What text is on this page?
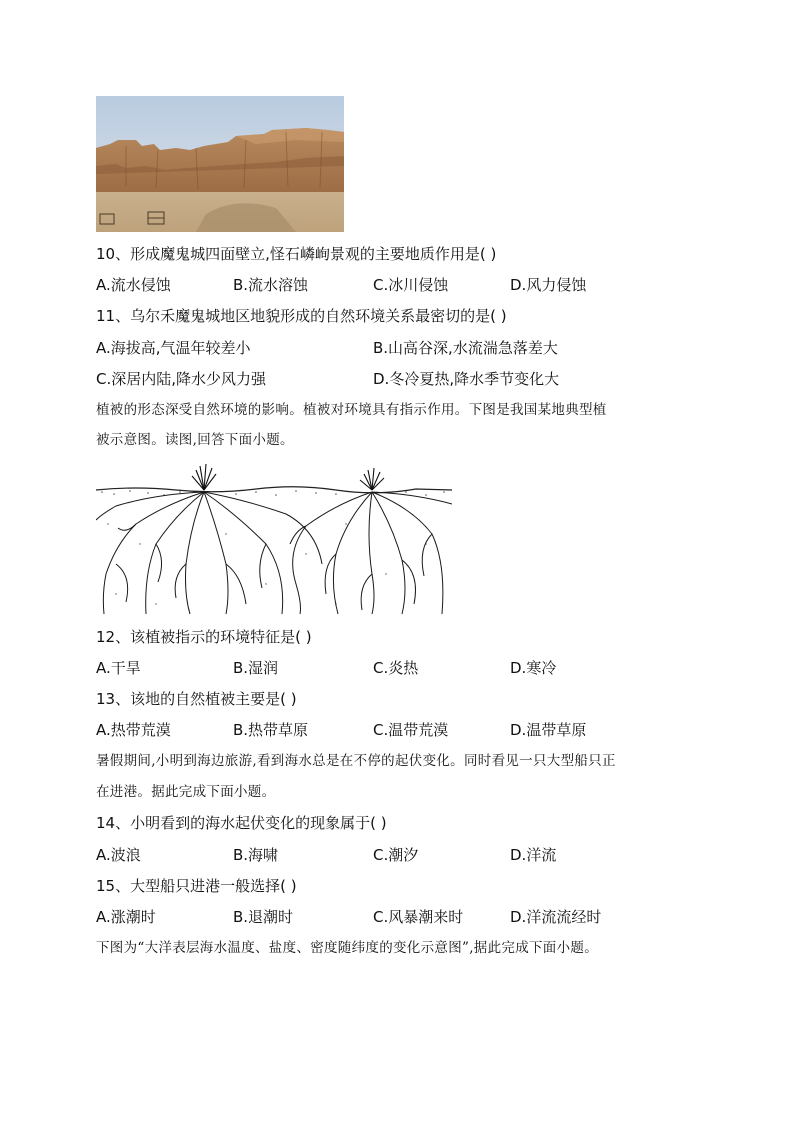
10、形成魔鬼城四面壁立,怪石嶙峋景观的主要地质作用是( )
A.流水侵蚀	B.流水溶蚀	C.冰川侵蚀	D.风力侵蚀
11、乌尔禾魔鬼城地区地貌形成的自然环境关系最密切的是( )
A.海拔高,气温年较差小	B.山高谷深,水流湍急落差大
C.深居内陆,降水少风力强	D.冬冷夏热,降水季节变化大
植被的形态深受自然环境的影响。植被对环境具有指示作用。下图是我国某地典型植
被示意图。读图,回答下面小题。
12、该植被指示的环境特征是( )
A.干旱	B.湿润	C.炎热	D.寒冷
13、该地的自然植被主要是( )
A.热带荒漠	B.热带草原	C.温带荒漠	D.温带草原
暑假期间,小明到海边旅游,看到海水总是在不停的起伏变化。同时看见一只大型船只正
在进港。据此完成下面小题。
14、小明看到的海水起伏变化的现象属于( )
A.波浪	B.海啸	C.潮汐	D.洋流
15、大型船只进港一般选择( )
A.涨潮时	B.退潮时	C.风暴潮来时	D.洋流流经时
下图为“大洋表层海水温度、盐度、密度随纬度的变化示意图”,据此完成下面小题。
